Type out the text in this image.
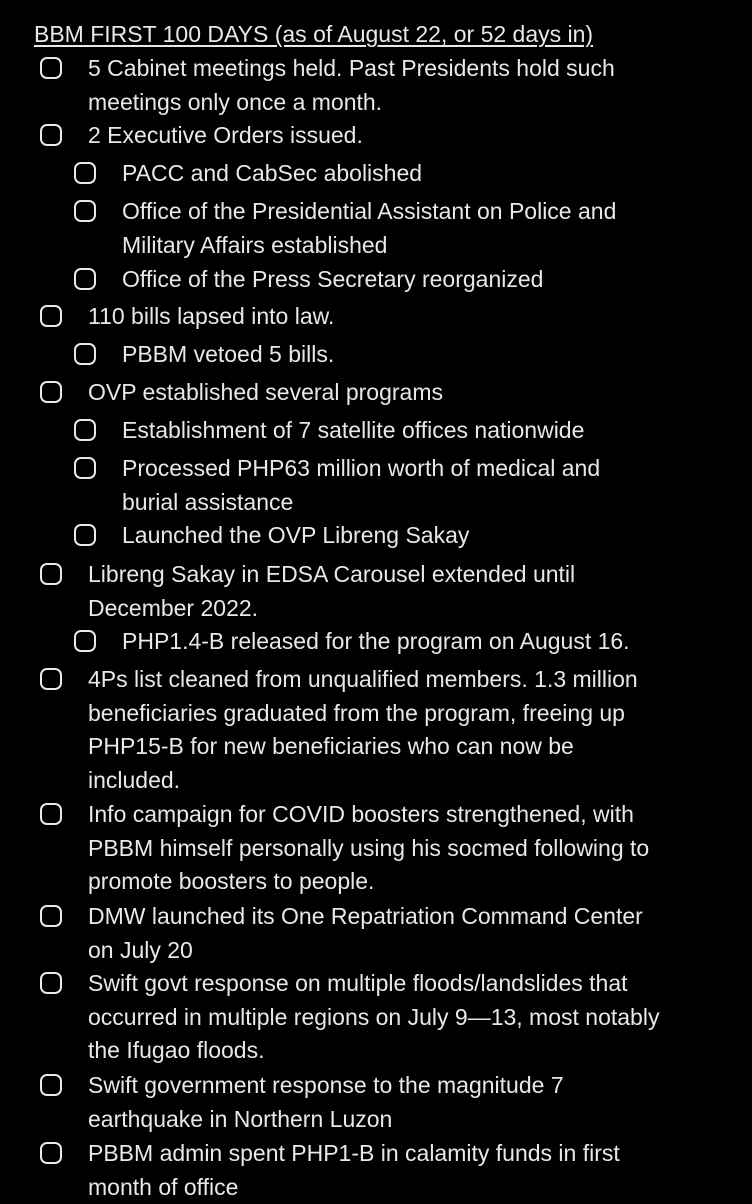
BBM FIRST 100 DAYS (as of August 22, or 52 days in)
5 Cabinet meetings held. Past Presidents hold such
meetings only once a month.
2 Executive Orders issued.
PACC and CabSec abolished
Office of the Presidential Assistant on Police and
Military Affairs established
Office of the Press Secretary reorganized
110 bills lapsed into law.
PBBM vetoed 5 bills.
OVP established several programs
Establishment of 7 satellite offices nationwide
Processed PHP63 million worth of medical and
burial assistance
Launched the OVP Libreng Sakay
Libreng Sakay in EDSA Carousel extended until
December 2022.
PHP1.4-B released for the program on August 16.
4Ps list cleaned from unqualified members. 1.3 million
beneficiaries graduated from the program, freeing up
PHP15-B for new beneficiaries who can now be
included.
Info campaign for COVID boosters strengthened, with
PBBM himself personally using his socmed following to
promote boosters to people.
DMW launched its One Repatriation Command Center
on July 20
Swift govt response on multiple floods/landslides that
occurred in multiple regions on July 9—13, most notably
the Ifugao floods.
Swift government response to the magnitude 7
earthquake in Northern Luzon
PBBM admin spent PHP1-B in calamity funds in first
month of office
